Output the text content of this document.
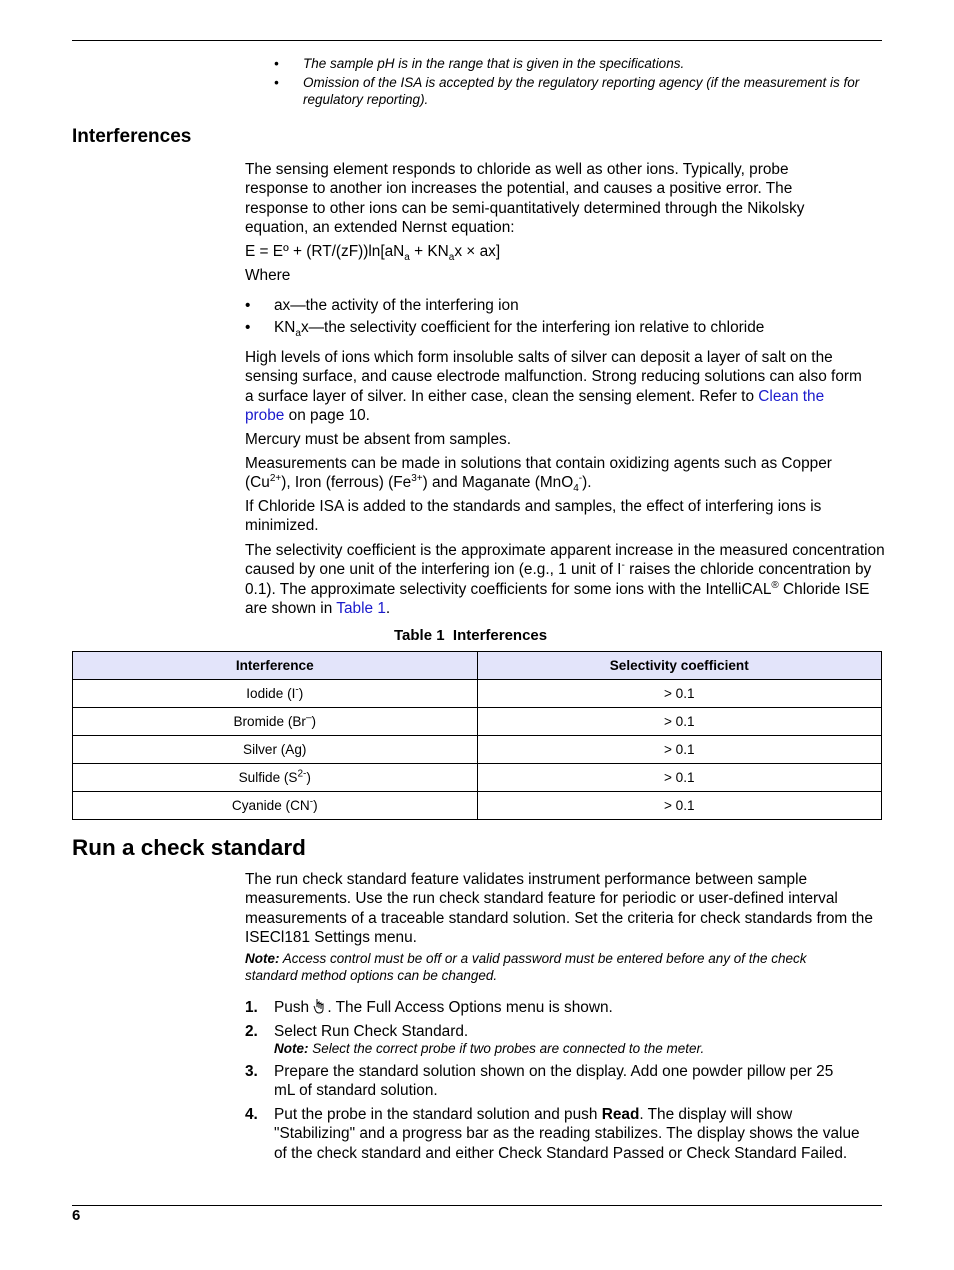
• The sample pH is in the range that is given in the specifications.
• Omission of the ISA is accepted by the regulatory reporting agency (if the measurement is for regulatory reporting).
Interferences

The sensing element responds to chloride as well as other ions. Typically, probe response to another ion increases the potential, and causes a positive error. The response to other ions can be semi-quantitatively determined through the Nikolsky equation, an extended Nernst equation:

E = Eº + $(RT/(zF))\ln[aN_a + KN_ax \times ax]$
Where
• ax—the activity of the interfering ion
• $KN_ax—the$ selectivity coefficient for the interfering ion relative to chloride

High levels of ions which form insoluble salts of silver can deposit a layer of salt on the sensing surface, and cause electrode malfunction. Strong reducing solutions can also form a surface layer of silver. In either case, clean the sensing element. Refer to Clean the probe on page 10.

Mercury must be absent from samples.

Measurements can be made in solutions that contain oxidizing agents such as Copper $(Cu^{2+})$, Iron (ferrous) $(Fe^{3+})$ and Maganate (MnO$_4$-).

If Chloride ISA is added to the standards and samples, the effect of interfering ions is minimized.

The selectivity coefficient is the approximate apparent increase in the measured concentration caused by one unit of the interfering ion (e.g., 1 unit of I- raises the chloride concentration by 0.1). The approximate selectivity coefficients for some ions with the IntelliCAL® Chloride ISE are shown in Table 1.

Table 1  Interferences
Interference	Selectivity coefficient
Iodide (I-)	> 0.1
Bromide (Br–)	> 0.1
Silver (Ag)	> 0.1
Sulfide $(S^{2-})$	> 0.1
Cyanide (CN-)	> 0.1
Run a check standard

The run check standard feature validates instrument performance between sample measurements. Use the run check standard feature for periodic or user-defined interval measurements of a traceable standard solution. Set the criteria for check standards from the ISECl181 Settings menu.

Note: Access control must be off or a valid password must be entered before any of the check standard method options can be changed.
1. Push . The Full Access Options menu is shown.
2. Select Run Check Standard.
Note: Select the correct probe if two probes are connected to the meter.
3. Prepare the standard solution shown on the display. Add one powder pillow per 25 mL of standard solution.
4. Put the probe in the standard solution and push Read. The display will show "Stabilizing" and a progress bar as the reading stabilizes. The display shows the value of the check standard and either Check Standard Passed or Check Standard Failed.
6
